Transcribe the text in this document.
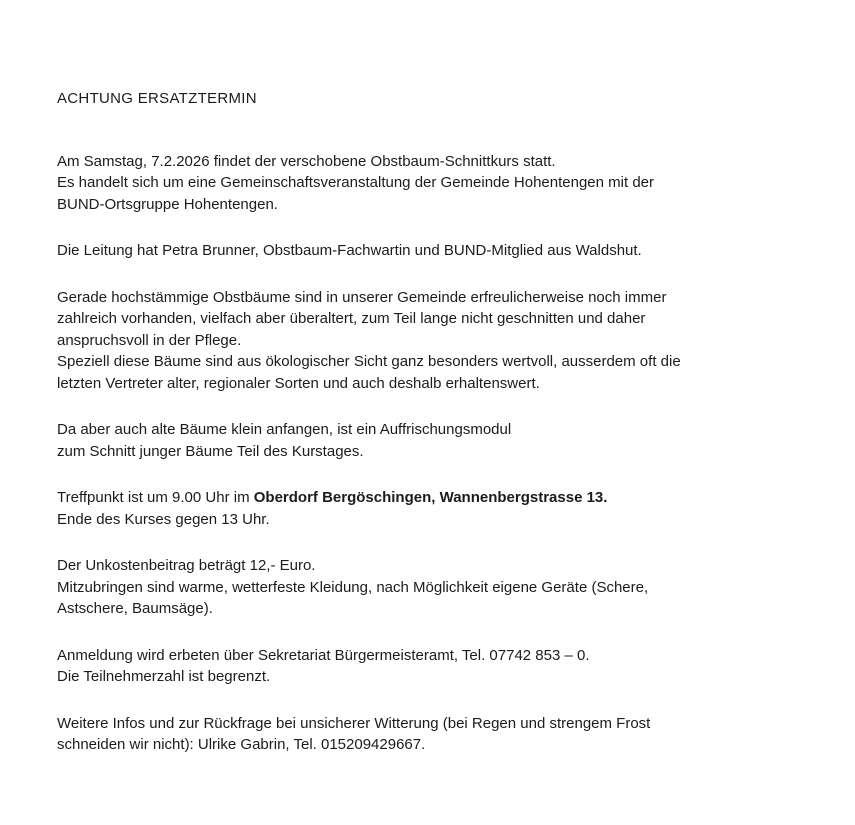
ACHTUNG ERSATZTERMIN
Am Samstag, 7.2.2026 findet der verschobene Obstbaum-Schnittkurs statt.
Es handelt sich um eine Gemeinschaftsveranstaltung der Gemeinde Hohentengen mit der
BUND-Ortsgruppe Hohentengen.
Die Leitung hat Petra Brunner, Obstbaum-Fachwartin und BUND-Mitglied aus Waldshut.
Gerade hochstämmige Obstbäume sind in unserer Gemeinde erfreulicherweise noch immer
zahlreich vorhanden, vielfach aber überaltert, zum Teil lange nicht geschnitten und daher
anspruchsvoll in der Pflege.
Speziell diese Bäume sind aus ökologischer Sicht ganz besonders wertvoll, ausserdem oft die
letzten Vertreter alter, regionaler Sorten und auch deshalb erhaltenswert.
Da aber auch alte Bäume klein anfangen, ist ein Auffrischungsmodul
zum Schnitt junger Bäume Teil des Kurstages.
Treffpunkt ist um 9.00 Uhr im Oberdorf Bergöschingen, Wannenbergstrasse 13.
Ende des Kurses gegen 13 Uhr.
Der Unkostenbeitrag beträgt 12,- Euro.
Mitzubringen sind warme, wetterfeste Kleidung, nach Möglichkeit eigene Geräte (Schere,
Astschere, Baumsäge).
Anmeldung wird erbeten über Sekretariat Bürgermeisteramt, Tel. 07742 853 – 0.
Die Teilnehmerzahl ist begrenzt.
Weitere Infos und zur Rückfrage bei unsicherer Witterung (bei Regen und strengem Frost
schneiden wir nicht): Ulrike Gabrin, Tel. 015209429667.
